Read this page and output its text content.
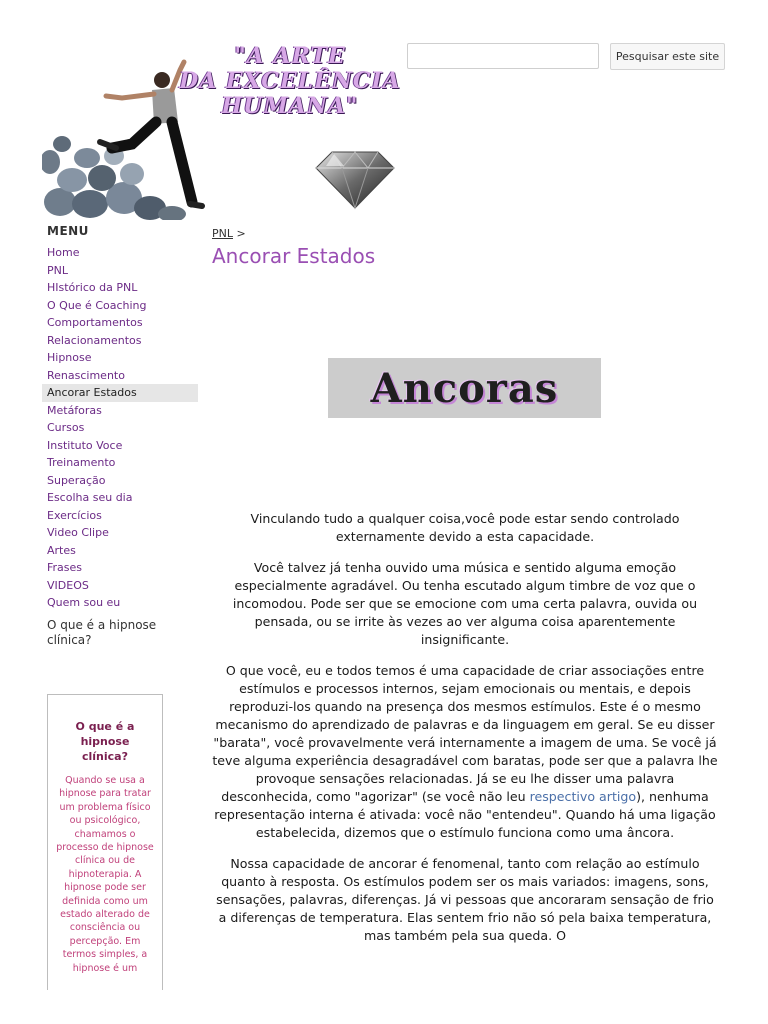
"A ARTE
DA EXCELÊNCIA
HUMANA"
Pesquisar este site
MENU
Home
PNL
HIstórico da PNL
O Que é Coaching
Comportamentos
Relacionamentos
Hipnose
Renascimento
Ancorar Estados
Metáforas
Cursos
Instituto Voce
Treinamento
Superação
Escolha seu dia
Exercícios
Video Clipe
Artes
Frases
VIDEOS
Quem sou eu
O que é a hipnose clínica?
O que é a hipnose clínica?
Quando se usa a hipnose para tratar um problema físico ou psicológico, chamamos o processo de hipnose clínica ou de hipnoterapia. A hipnose pode ser definida como um estado alterado de consciência ou percepção. Em termos simples, a hipnose é um
PNL >
Ancorar Estados
Ancoras

Vinculando tudo a qualquer coisa,você pode estar sendo controlado externamente devido a esta capacidade.

Você talvez já tenha ouvido uma música e sentido alguma emoção especialmente agradável. Ou tenha escutado algum timbre de voz que o incomodou. Pode ser que se emocione com uma certa palavra, ouvida ou pensada, ou se irrite às vezes ao ver alguma coisa aparentemente insignificante.

O que você, eu e todos temos é uma capacidade de criar associações entre estímulos e processos internos, sejam emocionais ou mentais, e depois reproduzi-los quando na presença dos mesmos estímulos. Este é o mesmo mecanismo do aprendizado de palavras e da linguagem em geral. Se eu disser "barata", você provavelmente verá internamente a imagem de uma. Se você já teve alguma experiência desagradável com baratas, pode ser que a palavra lhe provoque sensações relacionadas. Já se eu lhe disser uma palavra desconhecida, como "agorizar" (se você não leu respectivo artigo), nenhuma representação interna é ativada: você não "entendeu". Quando há uma ligação estabelecida, dizemos que o estímulo funciona como uma âncora.

Nossa capacidade de ancorar é fenomenal, tanto com relação ao estímulo quanto à resposta. Os estímulos podem ser os mais variados: imagens, sons, sensações, palavras, diferenças. Já vi pessoas que ancoraram sensação de frio a diferenças de temperatura. Elas sentem frio não só pela baixa temperatura, mas também pela sua queda. O
